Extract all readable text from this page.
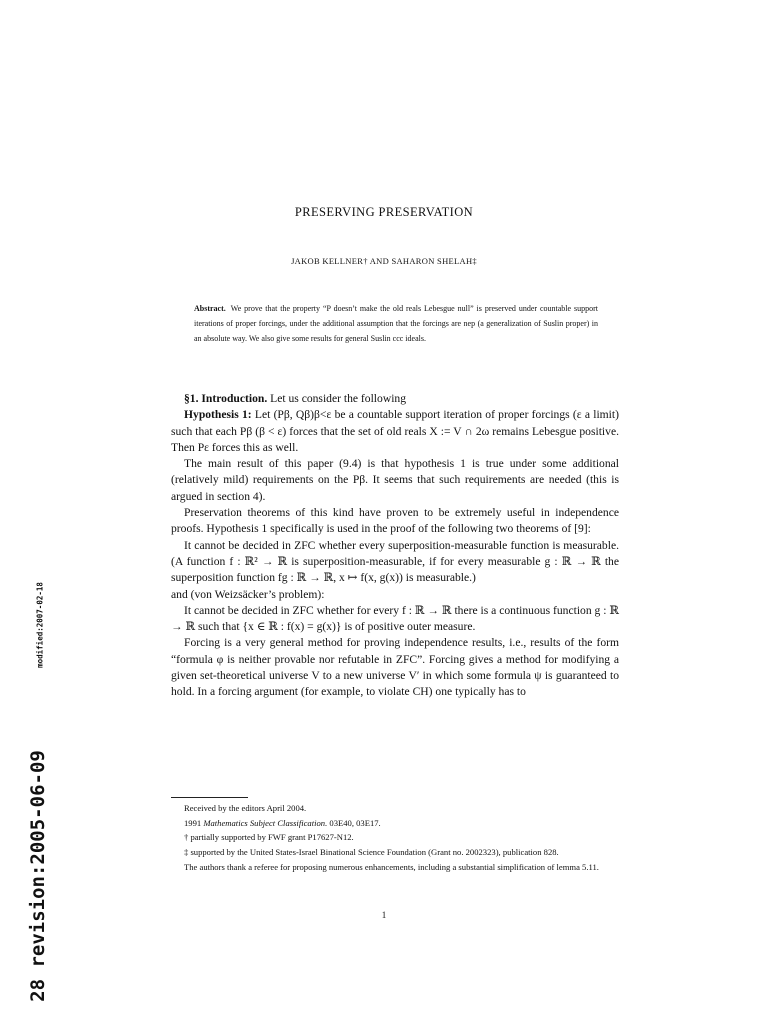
PRESERVING PRESERVATION
JAKOB KELLNER† AND SAHARON SHELAH‡
Abstract. We prove that the property “P doesn’t make the old reals Lebesgue null” is preserved under countable support iterations of proper forcings, under the additional assumption that the forcings are nep (a generalization of Suslin proper) in an absolute way. We also give some results for general Suslin ccc ideals.

§1. Introduction. Let us consider the following

Hypothesis 1: Let (Pβ, Qβ)β<ε be a countable support iteration of proper forcings (ε a limit) such that each Pβ (β < ε) forces that the set of old reals X := V ∩ 2ω remains Lebesgue positive. Then Pε forces this as well.

The main result of this paper (9.4) is that hypothesis 1 is true under some additional (relatively mild) requirements on the Pβ. It seems that such requirements are needed (this is argued in section 4).

Preservation theorems of this kind have proven to be extremely useful in independence proofs. Hypothesis 1 specifically is used in the proof of the following two theorems of [9]:

It cannot be decided in ZFC whether every superposition-measurable function is measurable. (A function f : ℝ² → ℝ is superposition-measurable, if for every measurable g : ℝ → ℝ the superposition function fg : ℝ → ℝ, x ↦ f(x, g(x)) is measurable.)

and (von Weizsäcker’s problem):

It cannot be decided in ZFC whether for every f : ℝ → ℝ there is a continuous function g : ℝ → ℝ such that {x ∈ ℝ : f(x) = g(x)} is of positive outer measure.

Forcing is a very general method for proving independence results, i.e., results of the form “formula φ is neither provable nor refutable in ZFC”. Forcing gives a method for modifying a given set-theoretical universe V to a new universe V′ in which some formula ψ is guaranteed to hold. In a forcing argument (for example, to violate CH) one typically has to

Received by the editors April 2004.
1991 Mathematics Subject Classification. 03E40, 03E17.
† partially supported by FWF grant P17627-N12.
‡ supported by the United States-Israel Binational Science Foundation (Grant no. 2002323), publication 828.
The authors thank a referee for proposing numerous enhancements, including a substantial simplification of lemma 5.11.
1
modified:2007-02-18
28 revision:2005-06-09
